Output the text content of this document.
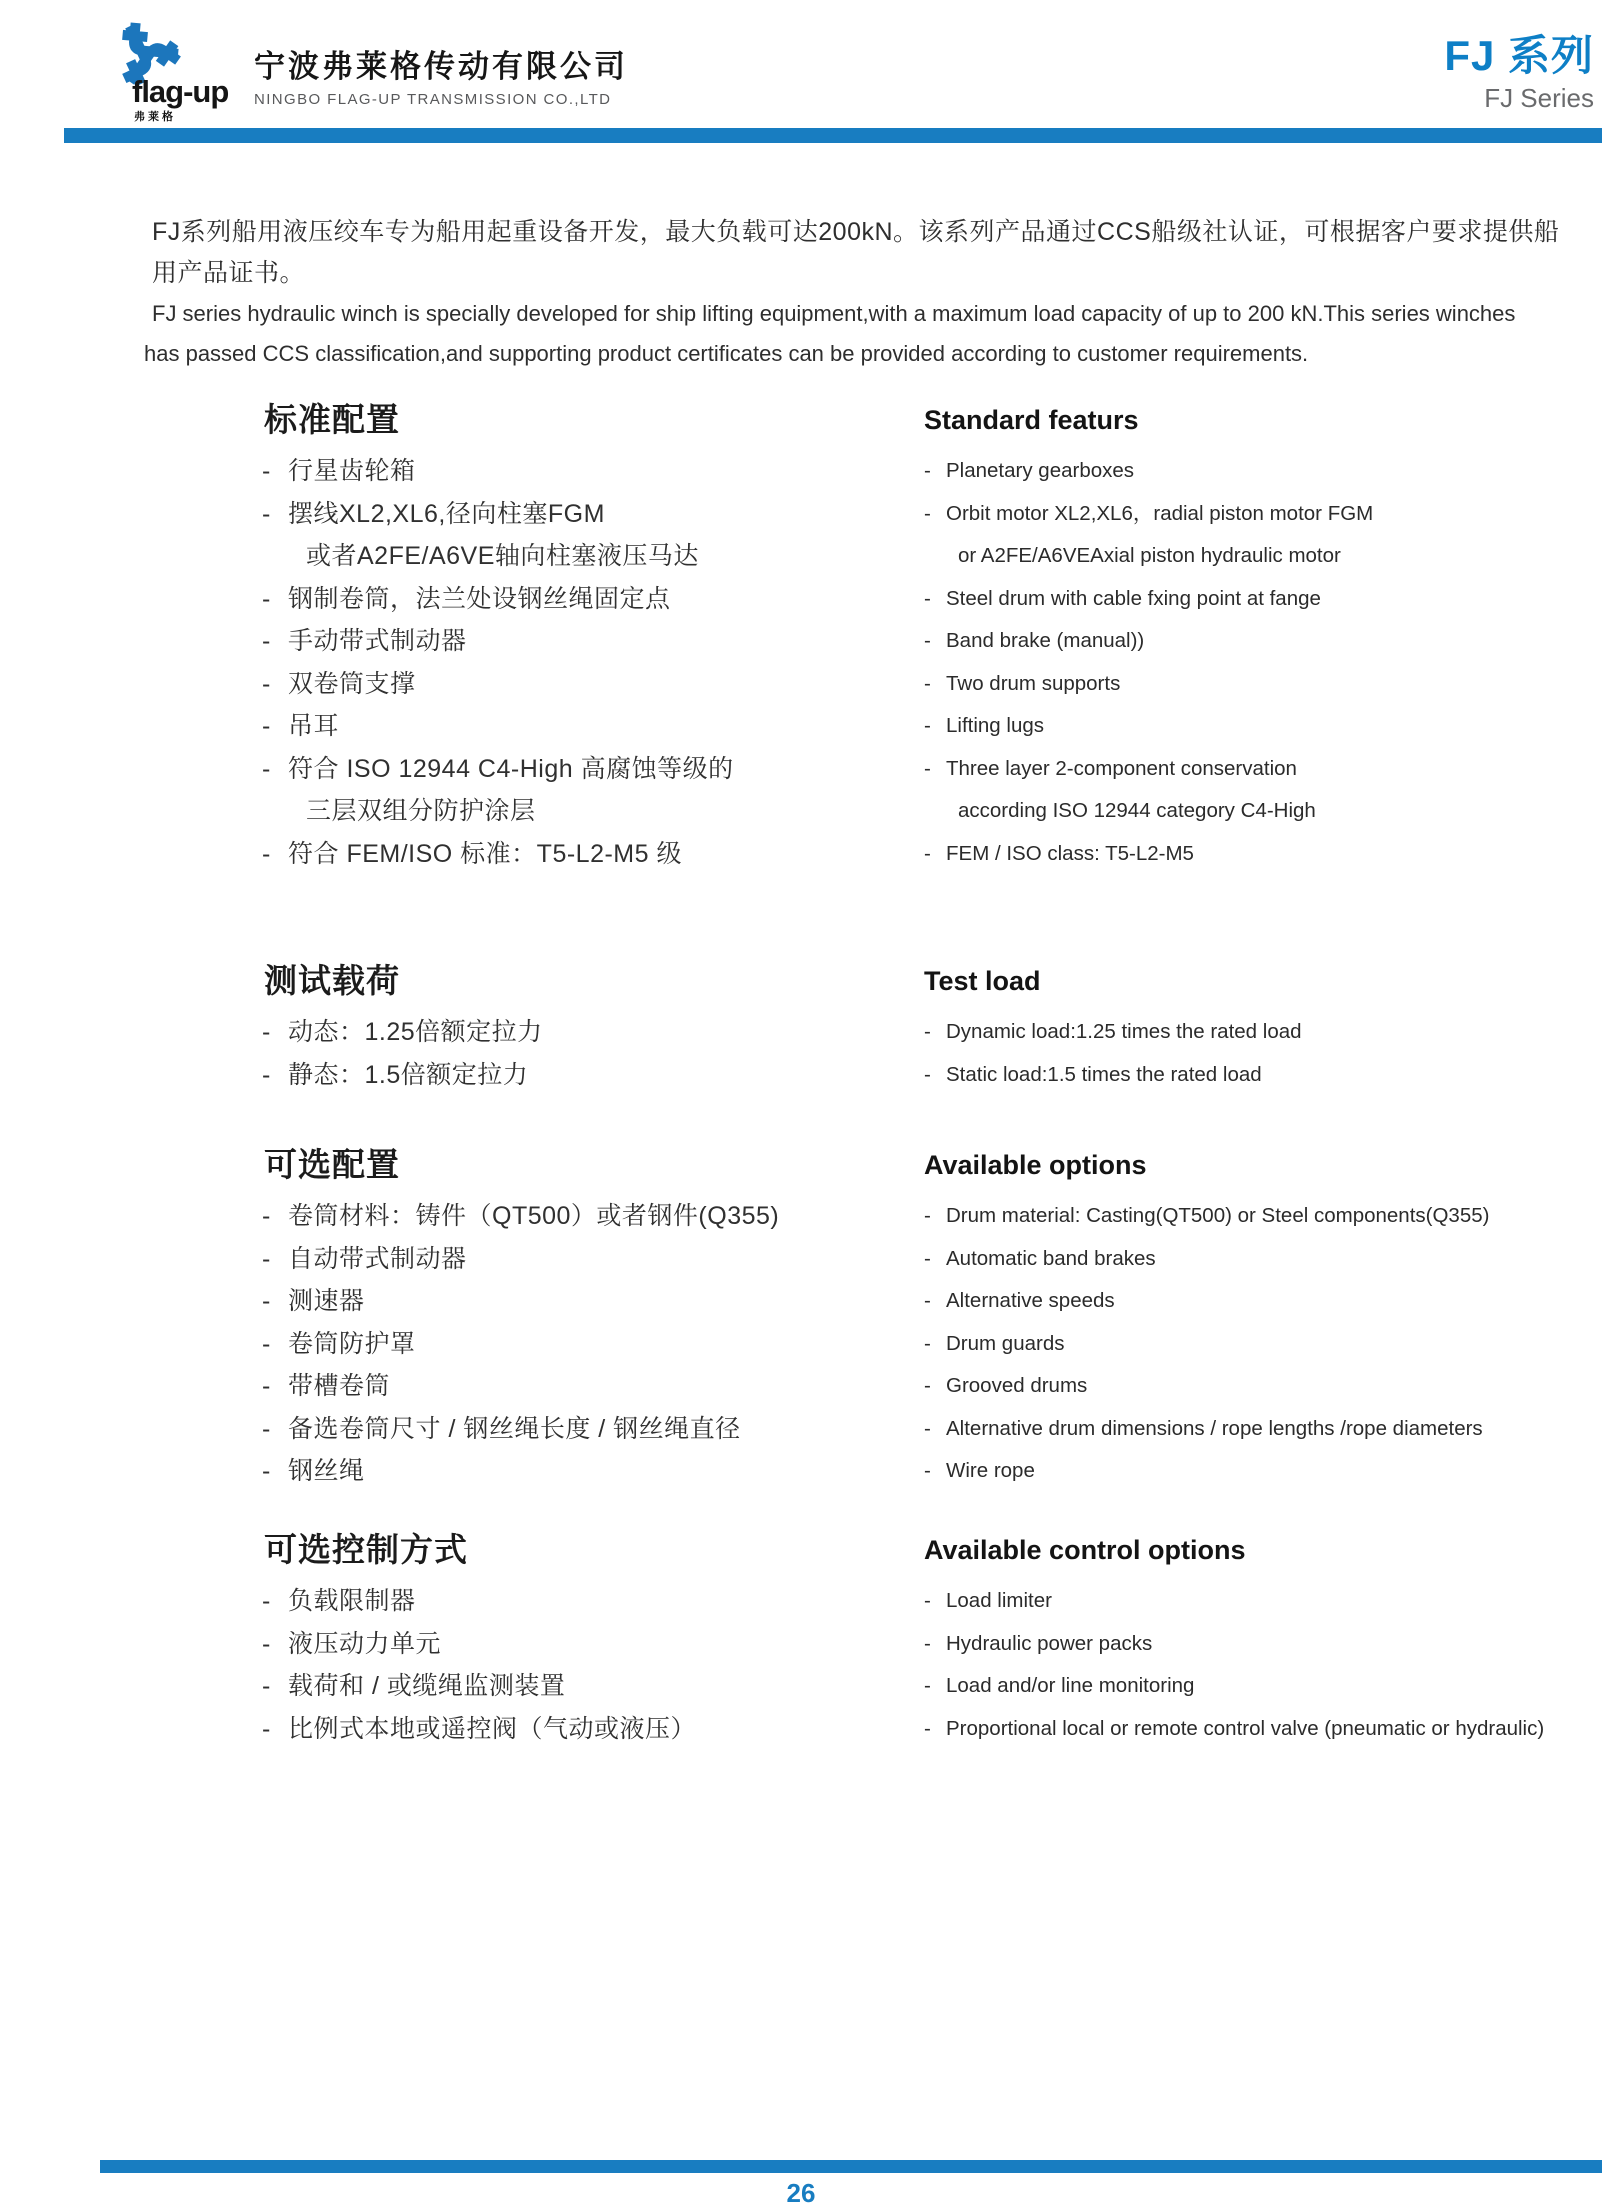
flag-up
弗莱格
宁波弗莱格传动有限公司
NINGBO FLAG-UP TRANSMISSION CO.,LTD
FJ 系列
FJ Series
FJ系列船用液压绞车专为船用起重设备开发，最大负载可达200kN。该系列产品通过CCS船级社认证，可根据客户要求提供船用产品证书。
FJ series hydraulic winch is specially developed for ship lifting equipment,with a maximum load capacity of up to 200 kN.This series winches
has passed CCS classification,and supporting product certificates can be provided according to customer requirements.
标准配置	Standard featurs
- 行星齿轮箱
- 摆线XL2,XL6,径向柱塞FGM
或者A2FE/A6VE轴向柱塞液压马达
- 钢制卷筒，法兰处设钢丝绳固定点
- 手动带式制动器
- 双卷筒支撑
- 吊耳
- 符合 ISO 12944 C4-High 高腐蚀等级的
三层双组分防护涂层
- 符合 FEM/ISO 标准：T5-L2-M5 级
- Planetary gearboxes
- Orbit motor XL2,XL6，radial piston motor FGM
or A2FE/A6VEAxial piston hydraulic motor
- Steel drum with cable fxing point at fange
- Band brake (manual))
- Two drum supports
- Lifting lugs
- Three layer 2-component conservation
according ISO 12944 category C4-High
- FEM / ISO class: T5-L2-M5
测试载荷	Test load
- 动态：1.25倍额定拉力
- 静态：1.5倍额定拉力
- Dynamic load:1.25 times the rated load
- Static load:1.5 times the rated load
可选配置	Available options
- 卷筒材料：铸件（QT500）或者钢件(Q355)
- 自动带式制动器
- 测速器
- 卷筒防护罩
- 带槽卷筒
- 备选卷筒尺寸 / 钢丝绳长度 / 钢丝绳直径
- 钢丝绳
- Drum material: Casting(QT500) or Steel components(Q355)
- Automatic band brakes
- Alternative speeds
- Drum guards
- Grooved drums
- Alternative drum dimensions / rope lengths /rope diameters
- Wire rope
可选控制方式	Available control options
- 负载限制器
- 液压动力单元
- 载荷和 / 或缆绳监测装置
- 比例式本地或遥控阀（气动或液压）
- Load limiter
- Hydraulic power packs
- Load and/or line monitoring
- Proportional local or remote control valve (pneumatic or hydraulic)
26
